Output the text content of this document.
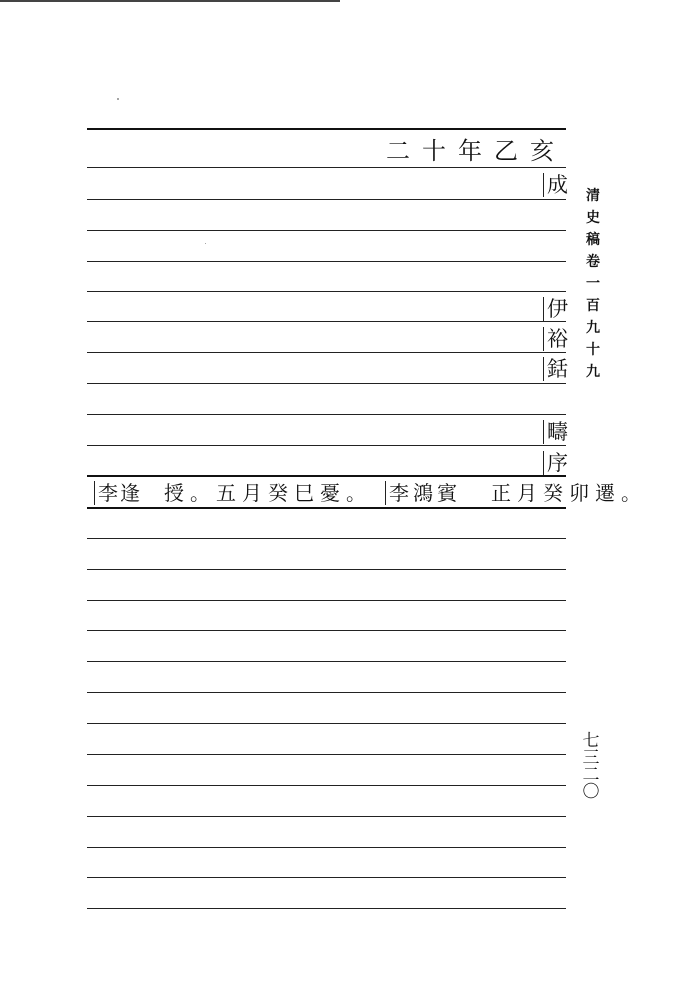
二十年乙亥
成
伊
裕
銛
疇
序
李逢 授。五月癸巳憂。 李鴻賓 正月癸卯遷。
清
史
稿
卷
一
百
九
十
九
七
三
二
〇
